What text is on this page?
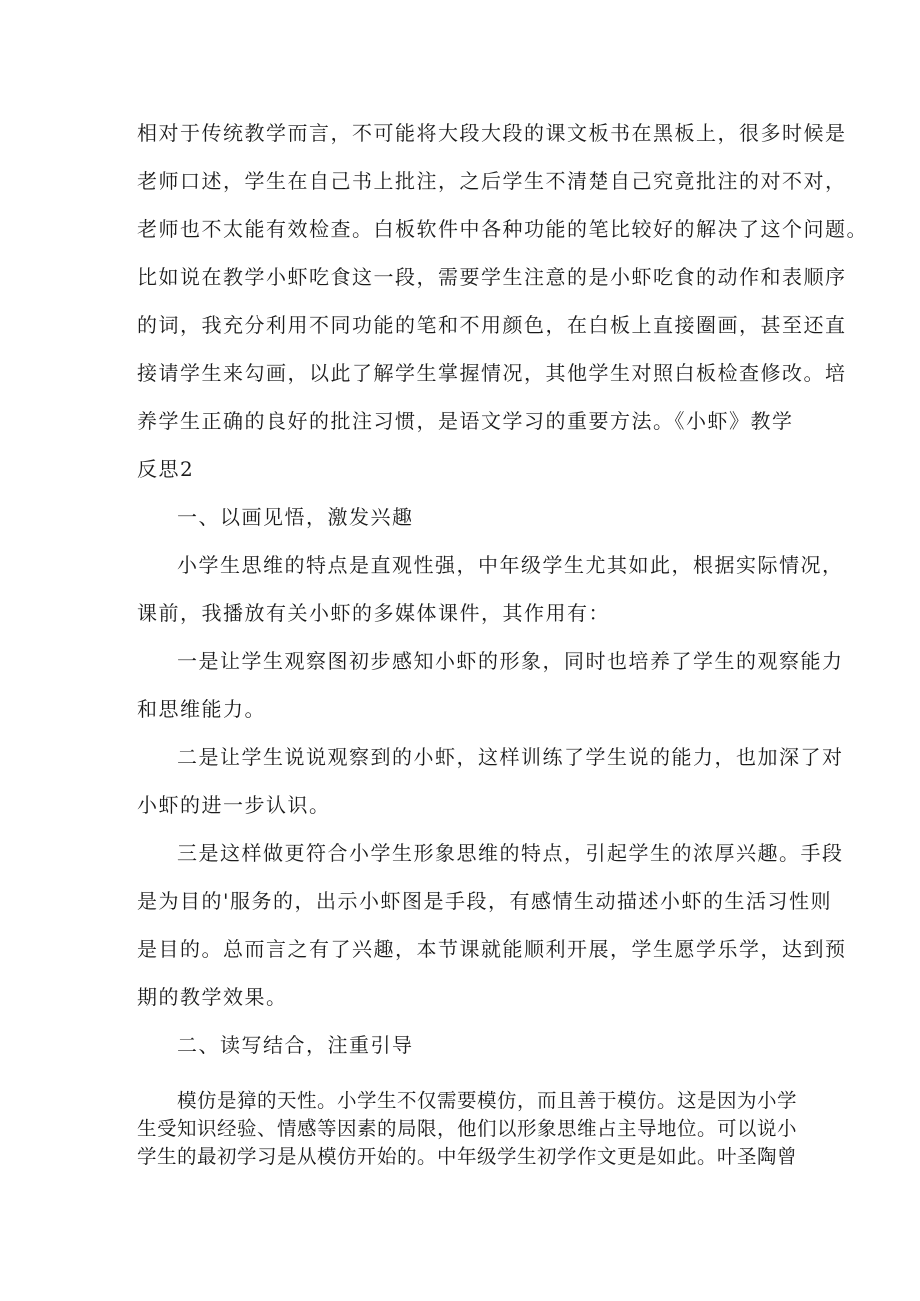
相对于传统教学而言，不可能将大段大段的课文板书在黑板上，很多时候是
老师口述，学生在自己书上批注，之后学生不清楚自己究竟批注的对不对，
老师也不太能有效检查。白板软件中各种功能的笔比较好的解决了这个问题。
比如说在教学小虾吃食这一段，需要学生注意的是小虾吃食的动作和表顺序
的词，我充分利用不同功能的笔和不用颜色，在白板上直接圈画，甚至还直
接请学生来勾画，以此了解学生掌握情况，其他学生对照白板检查修改。培
养学生正确的良好的批注习惯，是语文学习的重要方法。《小虾》教学
反思2
一、以画见悟，激发兴趣
小学生思维的特点是直观性强，中年级学生尤其如此，根据实际情况，
课前，我播放有关小虾的多媒体课件，其作用有：
一是让学生观察图初步感知小虾的形象，同时也培养了学生的观察能力
和思维能力。
二是让学生说说观察到的小虾，这样训练了学生说的能力，也加深了对
小虾的进一步认识。
三是这样做更符合小学生形象思维的特点，引起学生的浓厚兴趣。手段
是为目的'服务的，出示小虾图是手段，有感情生动描述小虾的生活习性则
是目的。总而言之有了兴趣，本节课就能顺利开展，学生愿学乐学，达到预
期的教学效果。
二、读写结合，注重引导
模仿是獐的天性。小学生不仅需要模仿，而且善于模仿。这是因为小学
生受知识经验、情感等因素的局限，他们以形象思维占主导地位。可以说小
学生的最初学习是从模仿开始的。中年级学生初学作文更是如此。叶圣陶曾
